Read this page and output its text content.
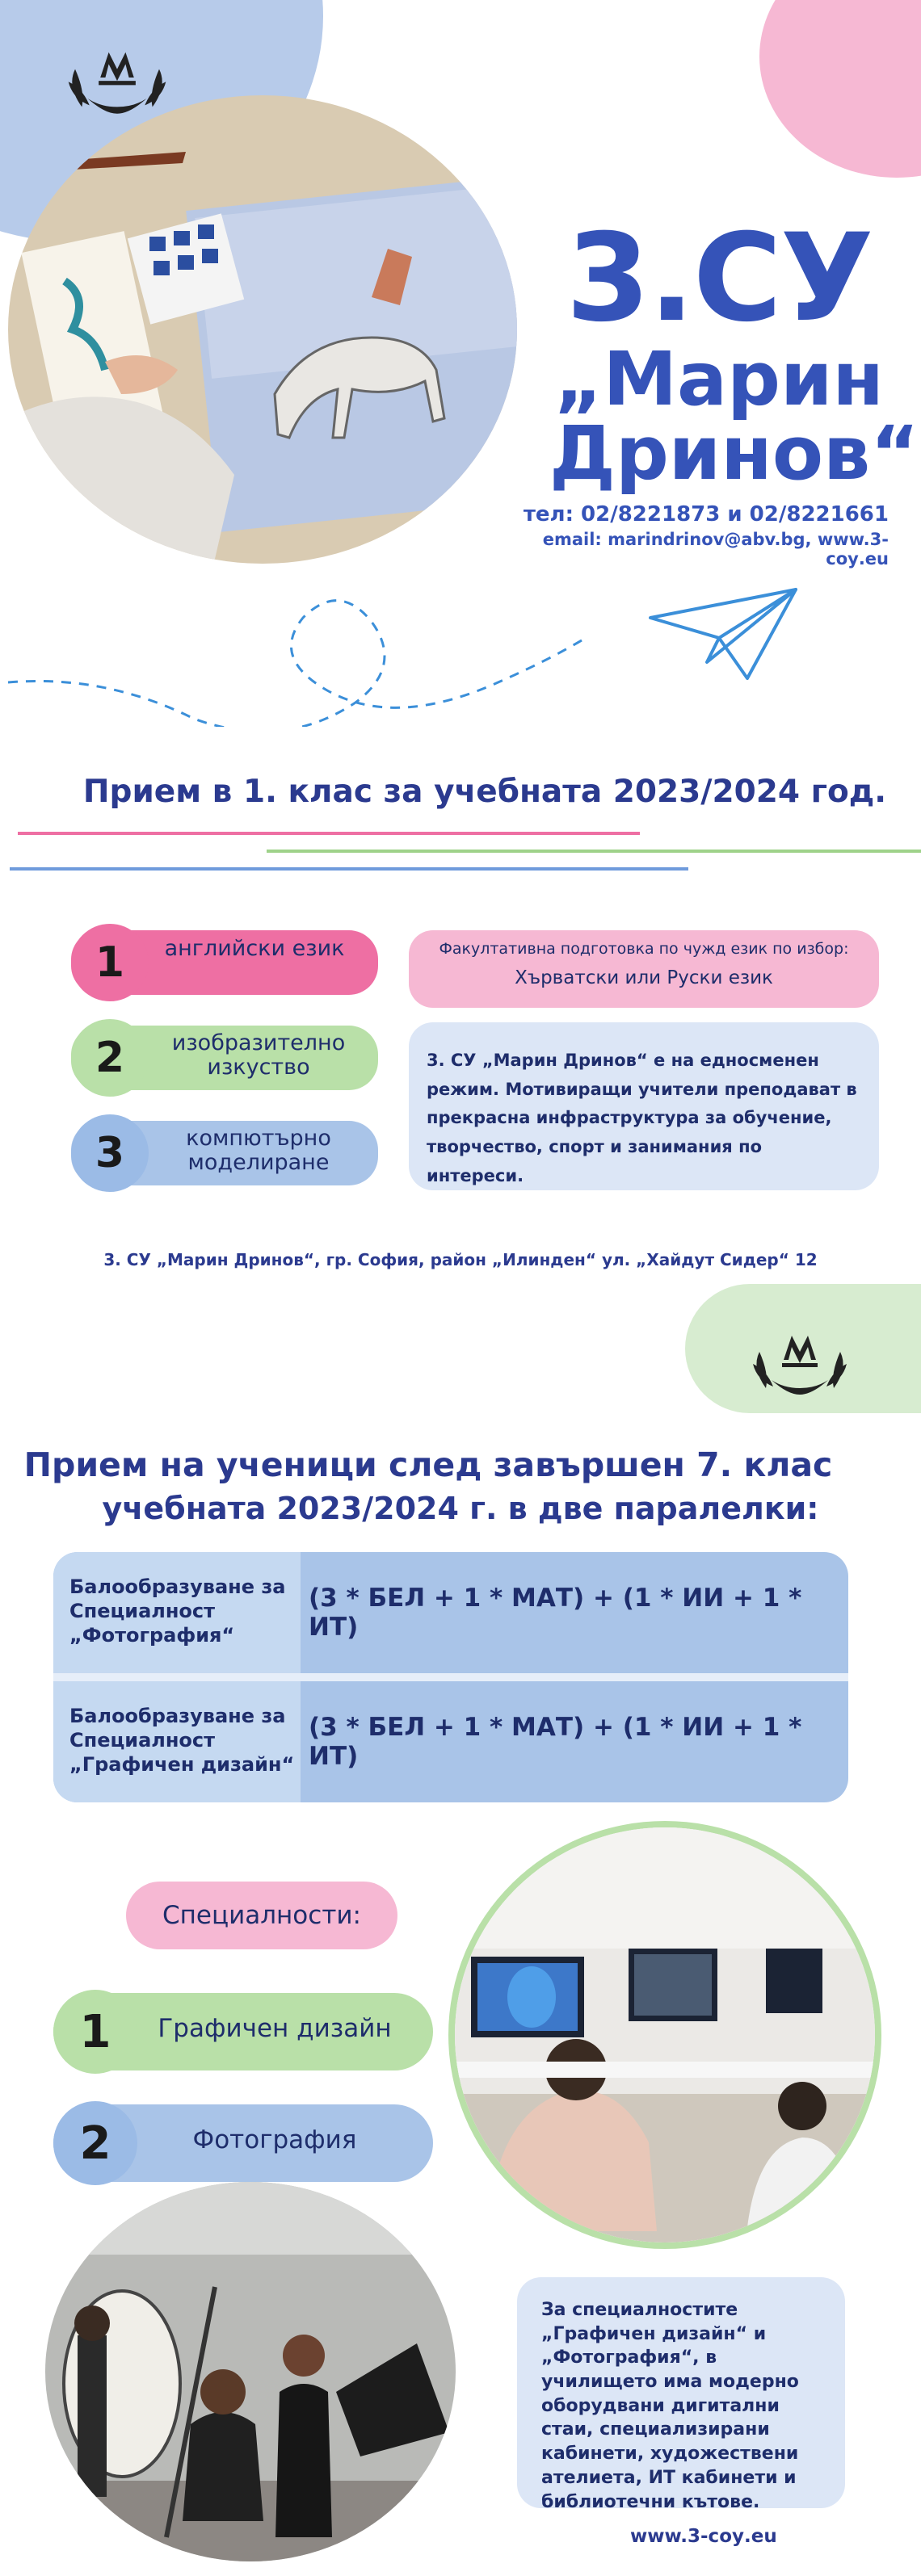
3.СУ
„Марин
Дринов“
тел: 02/8221873 и 02/8221661
email: marindrinov@abv.bg, www.3-соу.eu
Прием в 1. клас за учебната 2023/2024 год.
1	английски език
2	изобразително изкуство
3	компютърно моделиране
Факултативна подготовка по чужд език по избор:
Хърватски или Руски език
3. СУ „Марин Дринов“ е на едносменен режим. Мотивиращи учители преподават в прекрасна инфраструктура за обучение, творчество, спорт и занимания по интереси.
3. СУ „Марин Дринов“, гр. София, район „Илинден“ ул. „Хайдут Сидер“ 12
Прием на ученици след завършен 7. клас
учебната 2023/2024 г. в две паралелки:
Балообразуване за Специалност „Фотография“
(3 * БЕЛ + 1 * МАТ) + (1 * ИИ + 1 * ИТ)
Балообразуване за Специалност „Графичен дизайн“
(3 * БЕЛ + 1 * МАТ) + (1 * ИИ + 1 * ИТ)
Специалности:
1	Графичен дизайн
2	Фотография
За специалностите „Графичен дизайн“ и „Фотография“, в училището има модерно оборудвани дигитални стаи, специализирани кабинети, художествени ателиета, ИТ кабинети и библиотечни кътове.
www.3-соу.eu
